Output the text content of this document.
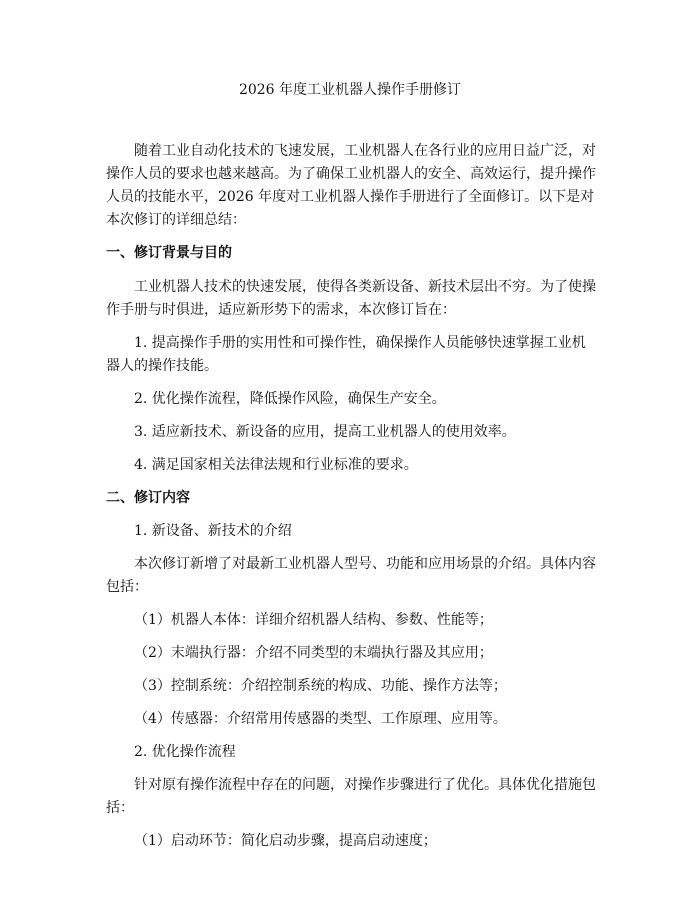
2026 年度工业机器人操作手册修订

随着工业自动化技术的飞速发展，工业机器人在各行业的应用日益广泛，对操作人员的要求也越来越高。为了确保工业机器人的安全、高效运行，提升操作人员的技能水平，2026 年度对工业机器人操作手册进行了全面修订。以下是对本次修订的详细总结：

一、修订背景与目的

工业机器人技术的快速发展，使得各类新设备、新技术层出不穷。为了使操作手册与时俱进，适应新形势下的需求，本次修订旨在：

1. 提高操作手册的实用性和可操作性，确保操作人员能够快速掌握工业机器人的操作技能。

2. 优化操作流程，降低操作风险，确保生产安全。

3. 适应新技术、新设备的应用，提高工业机器人的使用效率。

4. 满足国家相关法律法规和行业标准的要求。

二、修订内容

1. 新设备、新技术的介绍

本次修订新增了对最新工业机器人型号、功能和应用场景的介绍。具体内容包括：

（1）机器人本体：详细介绍机器人结构、参数、性能等；

（2）末端执行器：介绍不同类型的末端执行器及其应用；

（3）控制系统：介绍控制系统的构成、功能、操作方法等；

（4）传感器：介绍常用传感器的类型、工作原理、应用等。

2. 优化操作流程

针对原有操作流程中存在的问题，对操作步骤进行了优化。具体优化措施包括：

（1）启动环节：简化启动步骤，提高启动速度；
